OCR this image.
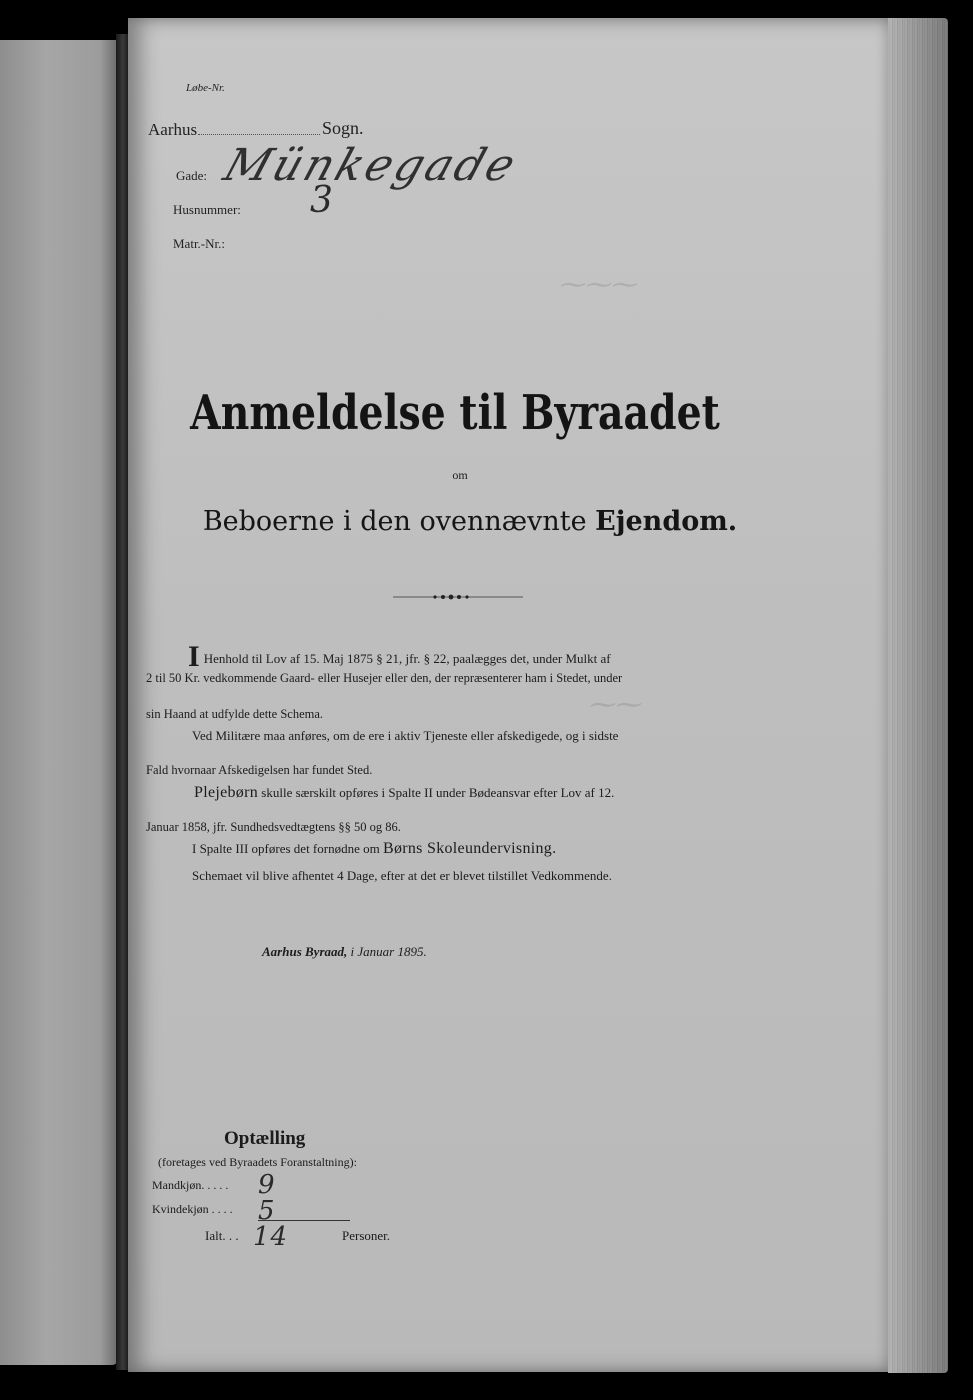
⁓⁓⁓
⁓⁓
Løbe-Nr.
Aarhus	Sogn.
Gade: Münkegade
Husnummer: 3
Matr.-Nr.:
Anmeldelse til Byraadet
om
Beboerne i den ovennævnte Ejendom.
I Henhold til Lov af 15. Maj 1875 § 21, jfr. § 22, paalægges det, under Mulkt af
2 til 50 Kr. vedkommende Gaard- eller Husejer eller den, der repræsenterer ham i Stedet, under
sin Haand at udfylde dette Schema.
Ved Militære maa anføres, om de ere i aktiv Tjeneste eller afskedigede, og i sidste
Fald hvornaar Afskedigelsen har fundet Sted.
Plejebørn skulle særskilt opføres i Spalte II under Bødeansvar efter Lov af 12.
Januar 1858, jfr. Sundhedsvedtægtens §§ 50 og 86.
I Spalte III opføres det fornødne om Børns Skoleundervisning.
Schemaet vil blive afhentet 4 Dage, efter at det er blevet tilstillet Vedkommende.
Aarhus Byraad, i Januar 1895.
Optælling
(foretages ved Byraadets Foranstaltning):
Mandkjøn. . . . . 9
Kvindekjøn . . . . 5
Ialt. . . 14	Personer.
